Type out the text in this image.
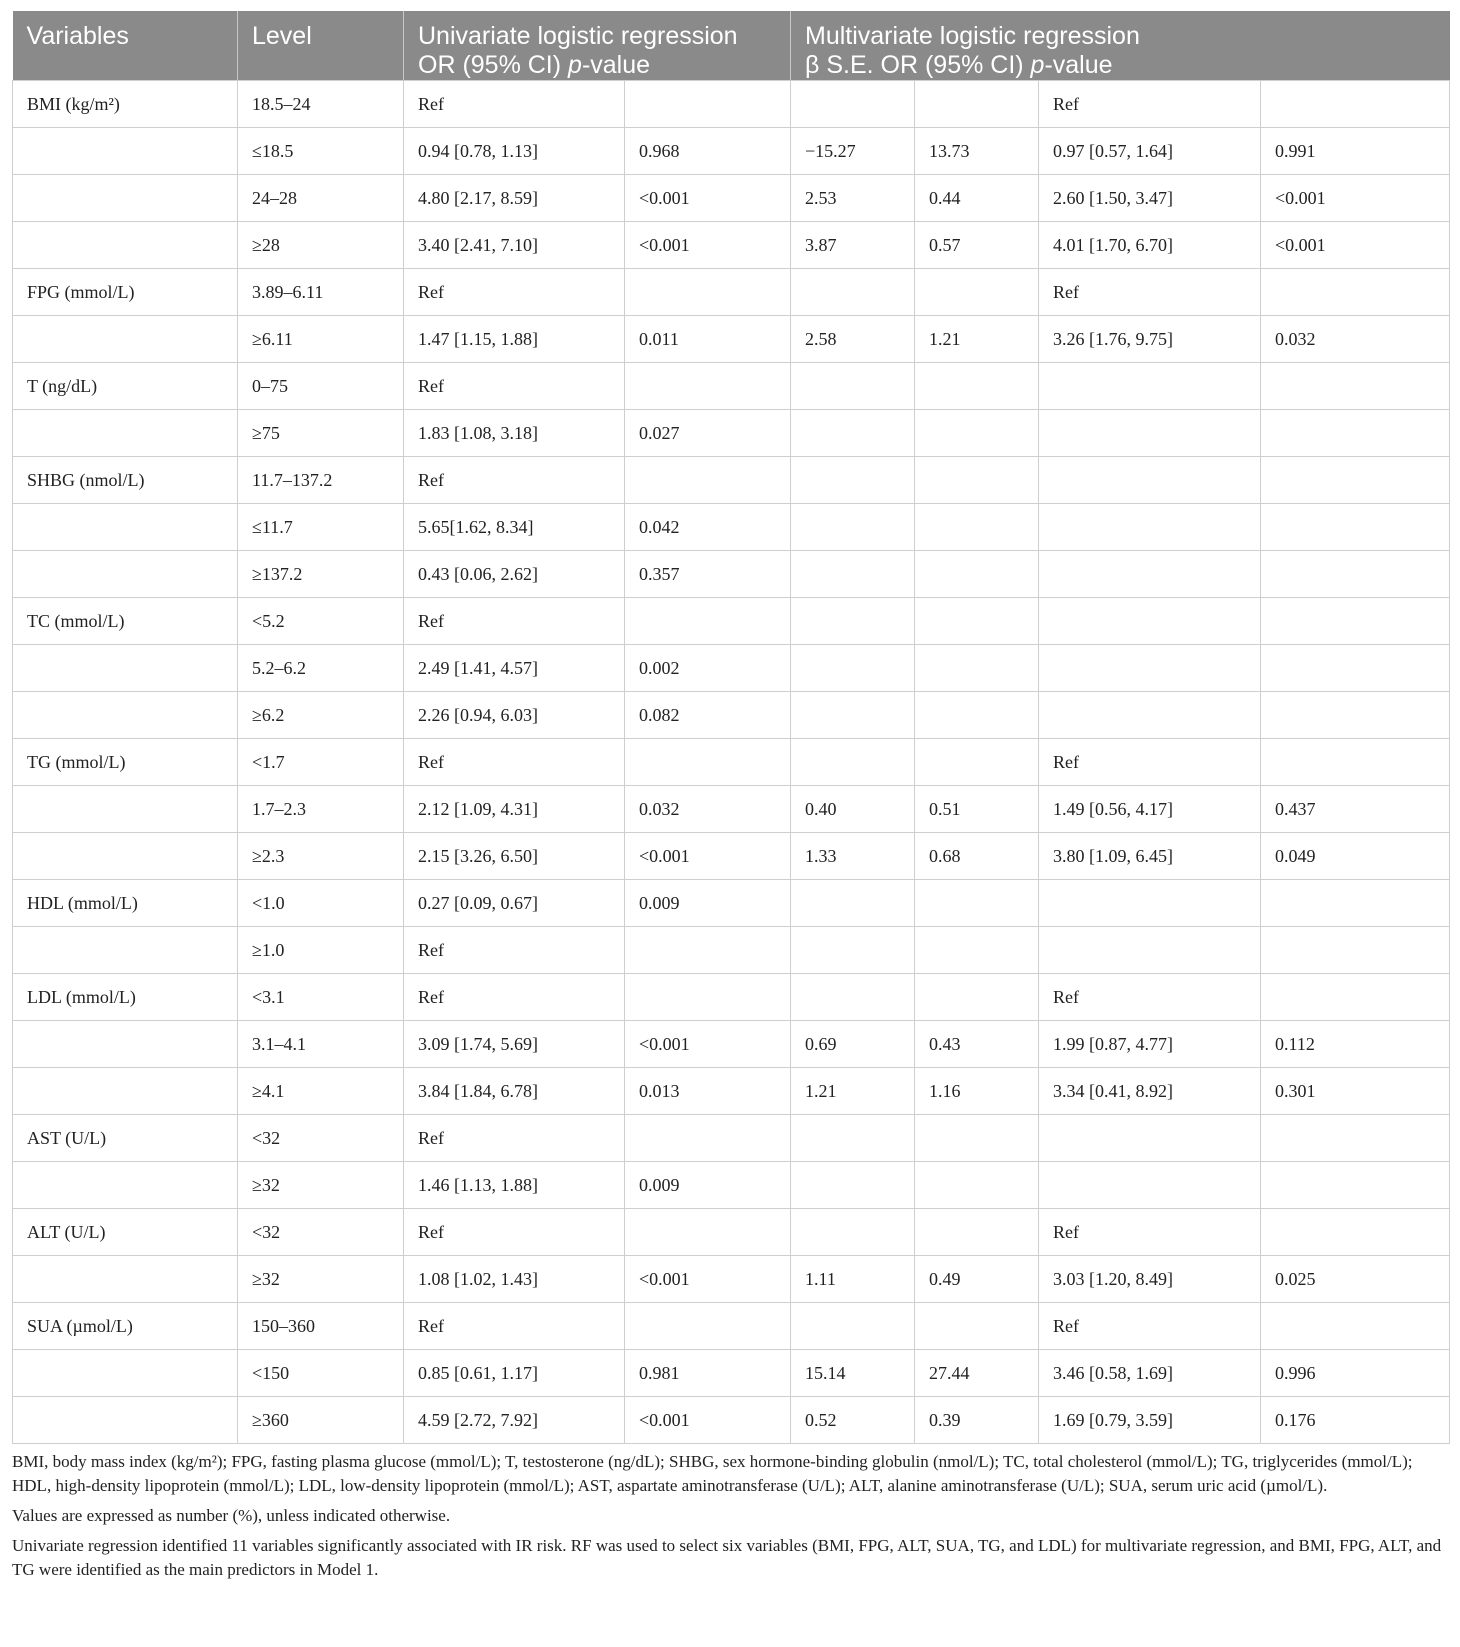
Variables	Level	Univariate logistic regression
OR (95% CI) p-value		Multivariate logistic regression
β S.E. OR (95% CI) p-value			
BMI (kg/m²)	18.5–24	Ref				Ref	
	≤18.5	0.94 [0.78, 1.13]	0.968	−15.27	13.73	0.97 [0.57, 1.64]	0.991
	24–28	4.80 [2.17, 8.59]	<0.001	2.53	0.44	2.60 [1.50, 3.47]	<0.001
	≥28	3.40 [2.41, 7.10]	<0.001	3.87	0.57	4.01 [1.70, 6.70]	<0.001
FPG (mmol/L)	3.89–6.11	Ref				Ref	
	≥6.11	1.47 [1.15, 1.88]	0.011	2.58	1.21	3.26 [1.76, 9.75]	0.032
T (ng/dL)	0–75	Ref					
	≥75	1.83 [1.08, 3.18]	0.027				
SHBG (nmol/L)	11.7–137.2	Ref					
	≤11.7	5.65[1.62, 8.34]	0.042				
	≥137.2	0.43 [0.06, 2.62]	0.357				
TC (mmol/L)	<5.2	Ref					
	5.2–6.2	2.49 [1.41, 4.57]	0.002				
	≥6.2	2.26 [0.94, 6.03]	0.082				
TG (mmol/L)	<1.7	Ref				Ref	
	1.7–2.3	2.12 [1.09, 4.31]	0.032	0.40	0.51	1.49 [0.56, 4.17]	0.437
	≥2.3	2.15 [3.26, 6.50]	<0.001	1.33	0.68	3.80 [1.09, 6.45]	0.049
HDL (mmol/L)	<1.0	0.27 [0.09, 0.67]	0.009				
	≥1.0	Ref					
LDL (mmol/L)	<3.1	Ref				Ref	
	3.1–4.1	3.09 [1.74, 5.69]	<0.001	0.69	0.43	1.99 [0.87, 4.77]	0.112
	≥4.1	3.84 [1.84, 6.78]	0.013	1.21	1.16	3.34 [0.41, 8.92]	0.301
AST (U/L)	<32	Ref					
	≥32	1.46 [1.13, 1.88]	0.009				
ALT (U/L)	<32	Ref				Ref	
	≥32	1.08 [1.02, 1.43]	<0.001	1.11	0.49	3.03 [1.20, 8.49]	0.025
SUA (µmol/L)	150–360	Ref				Ref	
	<150	0.85 [0.61, 1.17]	0.981	15.14	27.44	3.46 [0.58, 1.69]	0.996
	≥360	4.59 [2.72, 7.92]	<0.001	0.52	0.39	1.69 [0.79, 3.59]	0.176

BMI, body mass index (kg/m²); FPG, fasting plasma glucose (mmol/L); T, testosterone (ng/dL); SHBG, sex hormone-binding globulin (nmol/L); TC, total cholesterol (mmol/L); TG, triglycerides (mmol/L); HDL, high-density lipoprotein (mmol/L); LDL, low-density lipoprotein (mmol/L); AST, aspartate aminotransferase (U/L); ALT, alanine aminotransferase (U/L); SUA, serum uric acid (µmol/L).

Values are expressed as number (%), unless indicated otherwise.

Univariate regression identified 11 variables significantly associated with IR risk. RF was used to select six variables (BMI, FPG, ALT, SUA, TG, and LDL) for multivariate regression, and BMI, FPG, ALT, and TG were identified as the main predictors in Model 1.
